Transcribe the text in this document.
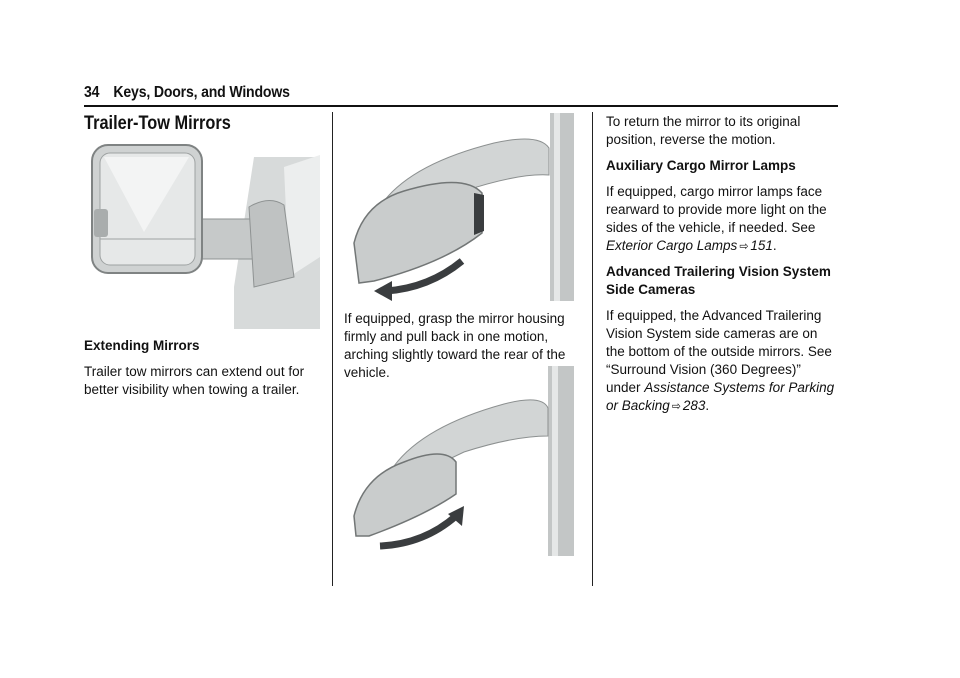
34 Keys, Doors, and Windows
Trailer-Tow Mirrors

Extending Mirrors

Trailer tow mirrors can extend out for better visibility when towing a trailer.

If equipped, grasp the mirror housing firmly and pull back in one motion, arching slightly toward the rear of the vehicle.

To return the mirror to its original position, reverse the motion.

Auxiliary Cargo Mirror Lamps

If equipped, cargo mirror lamps face rearward to provide more light on the sides of the vehicle, if needed. See Exterior Cargo Lamps ⇨ 151.

Advanced Trailering Vision System Side Cameras

If equipped, the Advanced Trailering Vision System side cameras are on the bottom of the outside mirrors. See “Surround Vision (360 Degrees)” under Assistance Systems for Parking or Backing ⇨ 283.
